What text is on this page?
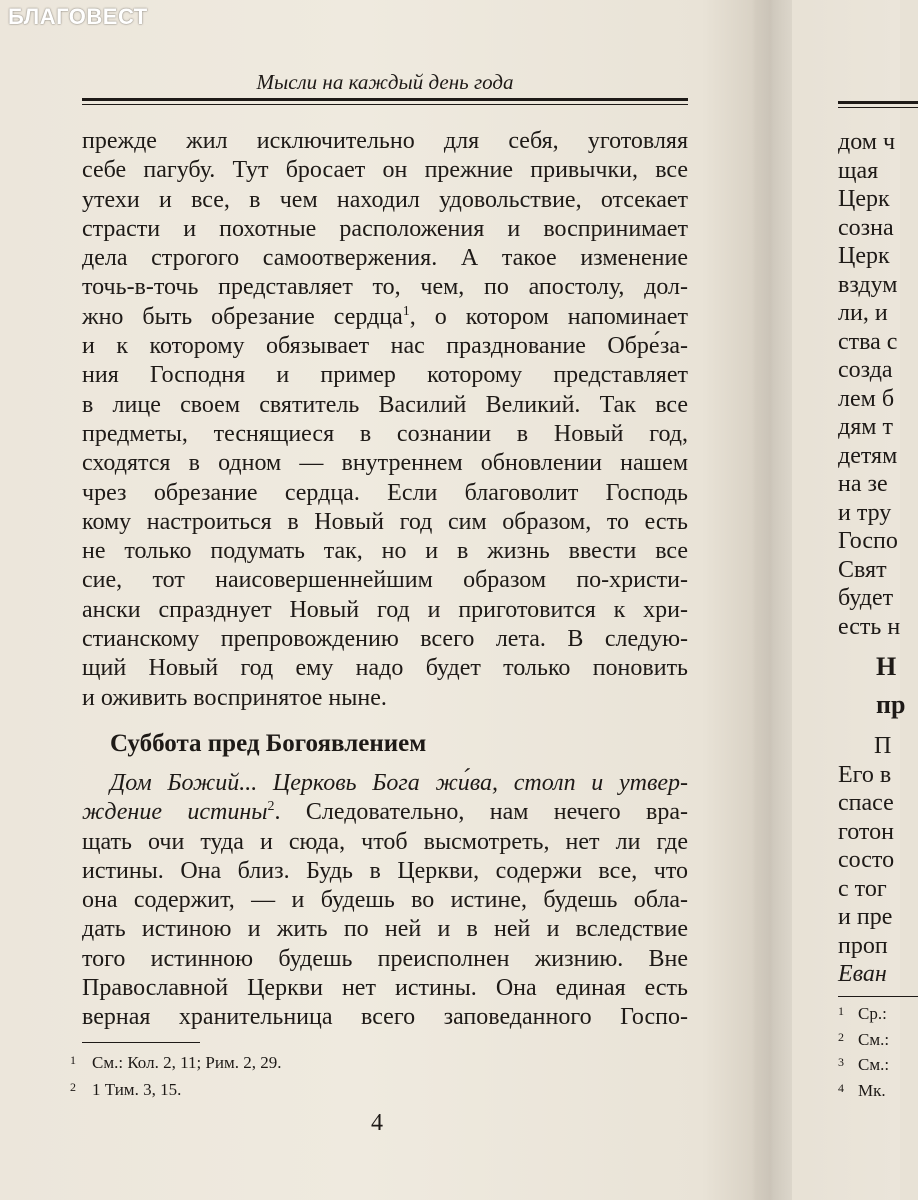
БЛАГОВЕСТ
Мысли на каждый день года
прежде жил исключительно для себя, уготовляя
себе пагубу. Тут бросает он прежние привычки, все
утехи и все, в чем находил удовольствие, отсекает
страсти и похотные расположения и воспринимает
дела строгого самоотвержения. А такое изменение
точь-в-точь представляет то, чем, по апостолу, дол-
жно быть обрезание сердца$^1$, о котором напоминает
и к которому обязывает нас празднование Обре́за-
ния Господня и пример которому представляет
в лице своем святитель Василий Великий. Так все
предметы, теснящиеся в сознании в Новый год,
сходятся в одном — внутреннем обновлении нашем
чрез обрезание сердца. Если благоволит Господь
кому настроиться в Новый год сим образом, то есть
не только подумать так, но и в жизнь ввести все
сие, тот наисовершеннейшим образом по-христи-
ански спразднует Новый год и приготовится к хри-
стианскому препровождению всего лета. В следую-
щий Новый год ему надо будет только поновить
и оживить воспринятое ныне.
Суббота пред Богоявлением
Дом Божий... Церковь Бога жи́ва, столп и утвер-
ждение истины$^2$. Следовательно, нам нечего вра-
щать очи туда и сюда, чтоб высмотреть, нет ли где
истины. Она близ. Будь в Церкви, содержи все, что
она содержит, — и будешь во истине, будешь обла-
дать истиною и жить по ней и в ней и вследствие
того истинною будешь преисполнен жизнию. Вне
Православной Церкви нет истины. Она единая есть
верная хранительница всего заповеданного Госпо-
1 См.: Кол. 2, 11; Рим. 2, 29.
2 1 Тим. 3, 15.
4
дом ч
щая
Церк
созна
Церк
вздум
ли, и
ства с
созда
лем б
дям т
детям
на зе
и тру
Госпо
Свят
будет
есть н
Н
пр
П
Его в
спасе
готон
состо
с тог
и пре
проп
Еван
1 Ср.:
2 См.:
3 См.:
4 Мк.
